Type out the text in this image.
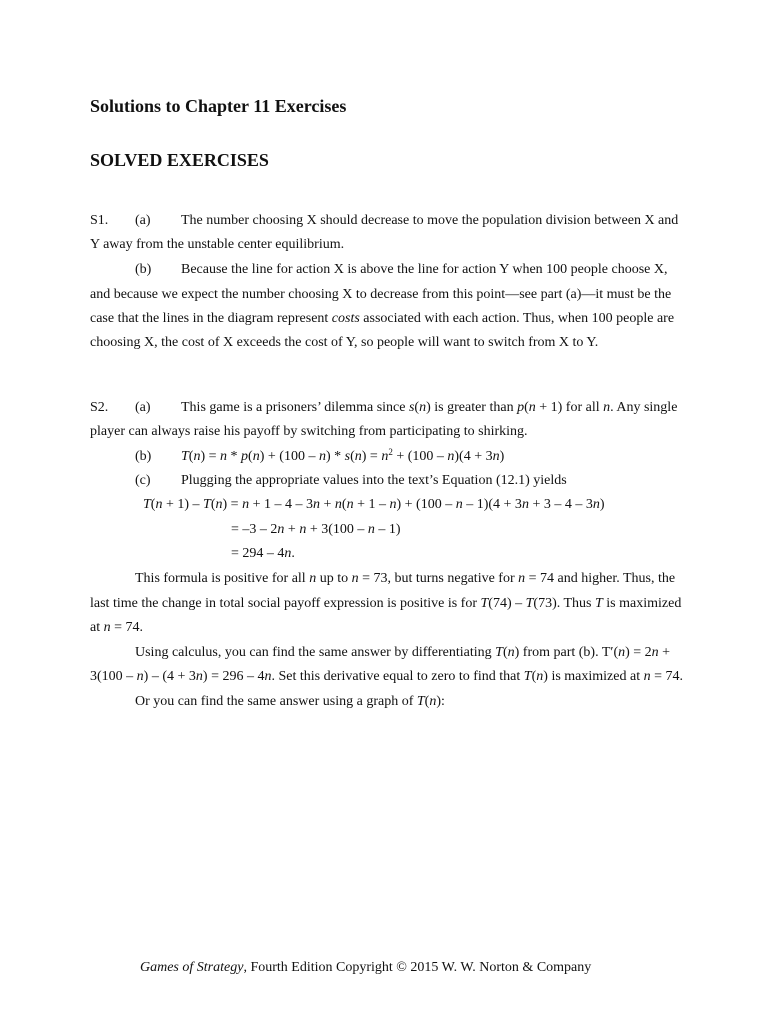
Solutions to Chapter 11 Exercises
SOLVED EXERCISES
S1. (a) The number choosing X should decrease to move the population division between X and
Y away from the unstable center equilibrium.
(b) Because the line for action X is above the line for action Y when 100 people choose X,
and because we expect the number choosing X to decrease from this point—see part (a)—it must be the
case that the lines in the diagram represent costs associated with each action. Thus, when 100 people are
choosing X, the cost of X exceeds the cost of Y, so people will want to switch from X to Y.
S2. (a) This game is a prisoners’ dilemma since s(n) is greater than p(n + 1) for all n. Any single
player can always raise his payoff by switching from participating to shirking.
(b) $T(n) = n * p(n) + (100 - n) * s(n) = n^2 + (100 - n)(4 + 3n)$
(c) Plugging the appropriate values into the text’s Equation (12.1) yields
T(n + 1) – T(n) = n + 1 – 4 – 3n + n(n + 1 – n) + (100 – n – 1)(4 + 3n + 3 – 4 – 3n)
= –3 – 2n + n + 3(100 – n – 1)
= 294 – 4n.
This formula is positive for all n up to n = 73, but turns negative for n = 74 and higher. Thus, the
last time the change in total social payoff expression is positive is for T(74) – T(73). Thus T is maximized
at n = 74.
Using calculus, you can find the same answer by differentiating T(n) from part (b). T′(n) = 2n +
3(100 – n) – (4 + 3n) = 296 – 4n. Set this derivative equal to zero to find that T(n) is maximized at n = 74.
Or you can find the same answer using a graph of T(n):
Games of Strategy, Fourth Edition Copyright © 2015 W. W. Norton & Company
